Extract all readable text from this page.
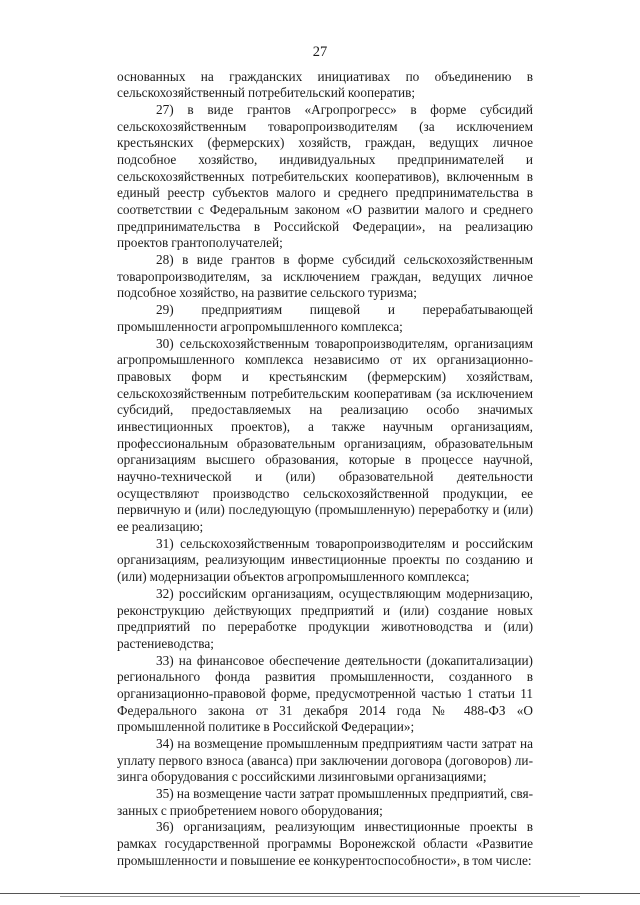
27

основанных на гражданских инициативах по объединению в сельскохозяйственный потребительский кооператив;

27) в виде грантов «Агропрогресс» в форме субсидий сельскохозяйственным товаропроизводителям (за исключением крестьянских (фермерских) хозяйств, граждан, ведущих личное подсобное хозяйство, индивидуальных предпринимателей и сельскохозяйственных потребительских кооперативов), включенным в единый реестр субъектов малого и среднего предпринимательства в соответствии с Федеральным законом «О развитии малого и среднего предпринимательства в Российской Федерации», на реализацию проектов грантополучателей;

28) в виде грантов в форме субсидий сельскохозяйственным товаропроизводителям, за исключением граждан, ведущих личное подсобное хозяйство, на развитие сельского туризма;

29) предприятиям пищевой и перерабатывающей промышленности агропромышленного комплекса;

30) сельскохозяйственным товаропроизводителям, организациям агропромышленного комплекса независимо от их организационно-правовых форм и крестьянским (фермерским) хозяйствам, сельскохозяйственным потребительским кооперативам (за исключением субсидий, предоставляемых на реализацию особо значимых инвестиционных проектов), а также научным организациям, профессиональным образовательным организациям, образовательным организациям высшего образования, которые в процессе научной, научно-технической и (или) образовательной деятельности осуществляют производство сельскохозяйственной продукции, ее первичную и (или) последующую (промышленную) переработку и (или) ее реализацию;

31) сельскохозяйственным товаропроизводителям и российским организациям, реализующим инвестиционные проекты по созданию и (или) модернизации объектов агропромышленного комплекса;

32) российским организациям, осуществляющим модернизацию, реконструкцию действующих предприятий и (или) создание новых предприятий по переработке продукции животноводства и (или) растениеводства;

33) на финансовое обеспечение деятельности (докапитализации) регионального фонда развития промышленности, созданного в организационно-правовой форме, предусмотренной частью 1 статьи 11 Федерального закона от 31 декабря 2014 года № 488-ФЗ «О промышленной политике в Российской Федерации»;

34) на возмещение промышленным предприятиям части затрат на уплату первого взноса (аванса) при заключении договора (договоров) лизинга оборудования с российскими лизинговыми организациями;

35) на возмещение части затрат промышленных предприятий, связанных с приобретением нового оборудования;

36) организациям, реализующим инвестиционные проекты в рамках государственной программы Воронежской области «Развитие промышленности и повышение ее конкурентоспособности», в том числе:
